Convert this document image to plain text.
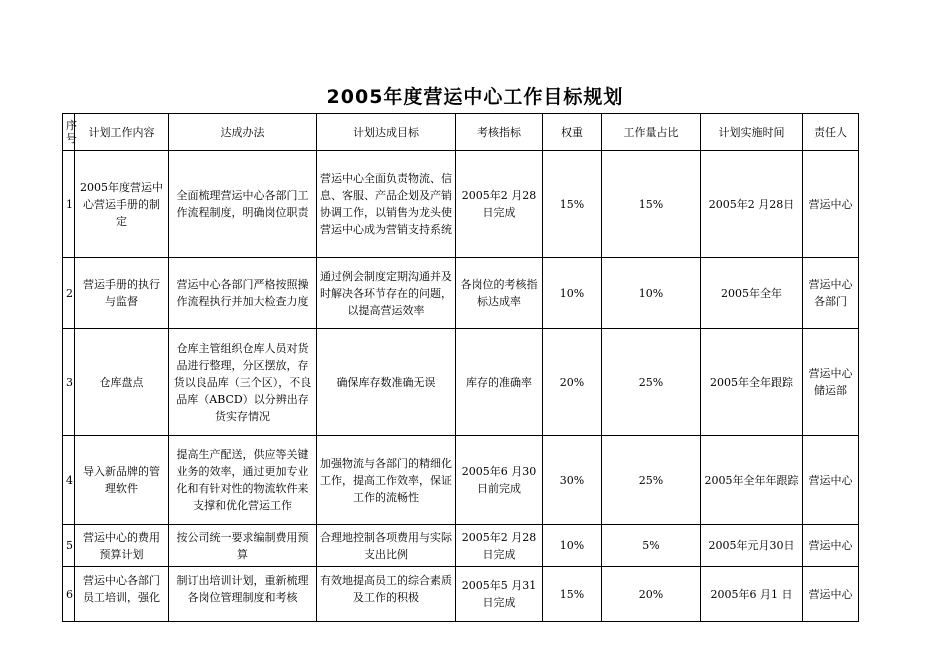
2005年度营运中心工作目标规划
序号	计划工作内容	达成办法	计划达成目标	考核指标	权重	工作量占比	计划实施时间	责任人
1	2005年度营运中心营运手册的制定	全面梳理营运中心各部门工作流程制度，明确岗位职责	营运中心全面负责物流、信息、客服、产品企划及产销协调工作，以销售为龙头使营运中心成为营销支持系统	2005年2 月28日完成	15%	15%	2005年2 月28日	营运中心
2	营运手册的执行与监督	营运中心各部门严格按照操作流程执行并加大检查力度	通过例会制度定期沟通并及时解决各环节存在的问题，以提高营运效率	各岗位的考核指标达成率	10%	10%	2005年全年	营运中心各部门
3	仓库盘点	仓库主管组织仓库人员对货品进行整理，分区摆放，存货以良品库（三个区），不良品库（ABCD）以分辨出存货实存情况	确保库存数准确无误	库存的准确率	20%	25%	2005年全年跟踪	营运中心储运部
4	导入新品牌的管理软件	提高生产配送，供应等关键业务的效率，通过更加专业化和有针对性的物流软件来支撑和优化营运工作	加强物流与各部门的精细化工作，提高工作效率，保证工作的流畅性	2005年6 月30日前完成	30%	25%	2005年全年年跟踪	营运中心
5	营运中心的费用预算计划	按公司统一要求编制费用预算	合理地控制各项费用与实际支出比例	2005年2 月28日完成	10%	5%	2005年元月30日	营运中心
6	营运中心各部门员工培训，强化	制订出培训计划，重新梳理各岗位管理制度和考核	有效地提高员工的综合素质及工作的积极	2005年5 月31日完成	15%	20%	2005年6 月1 日	营运中心
